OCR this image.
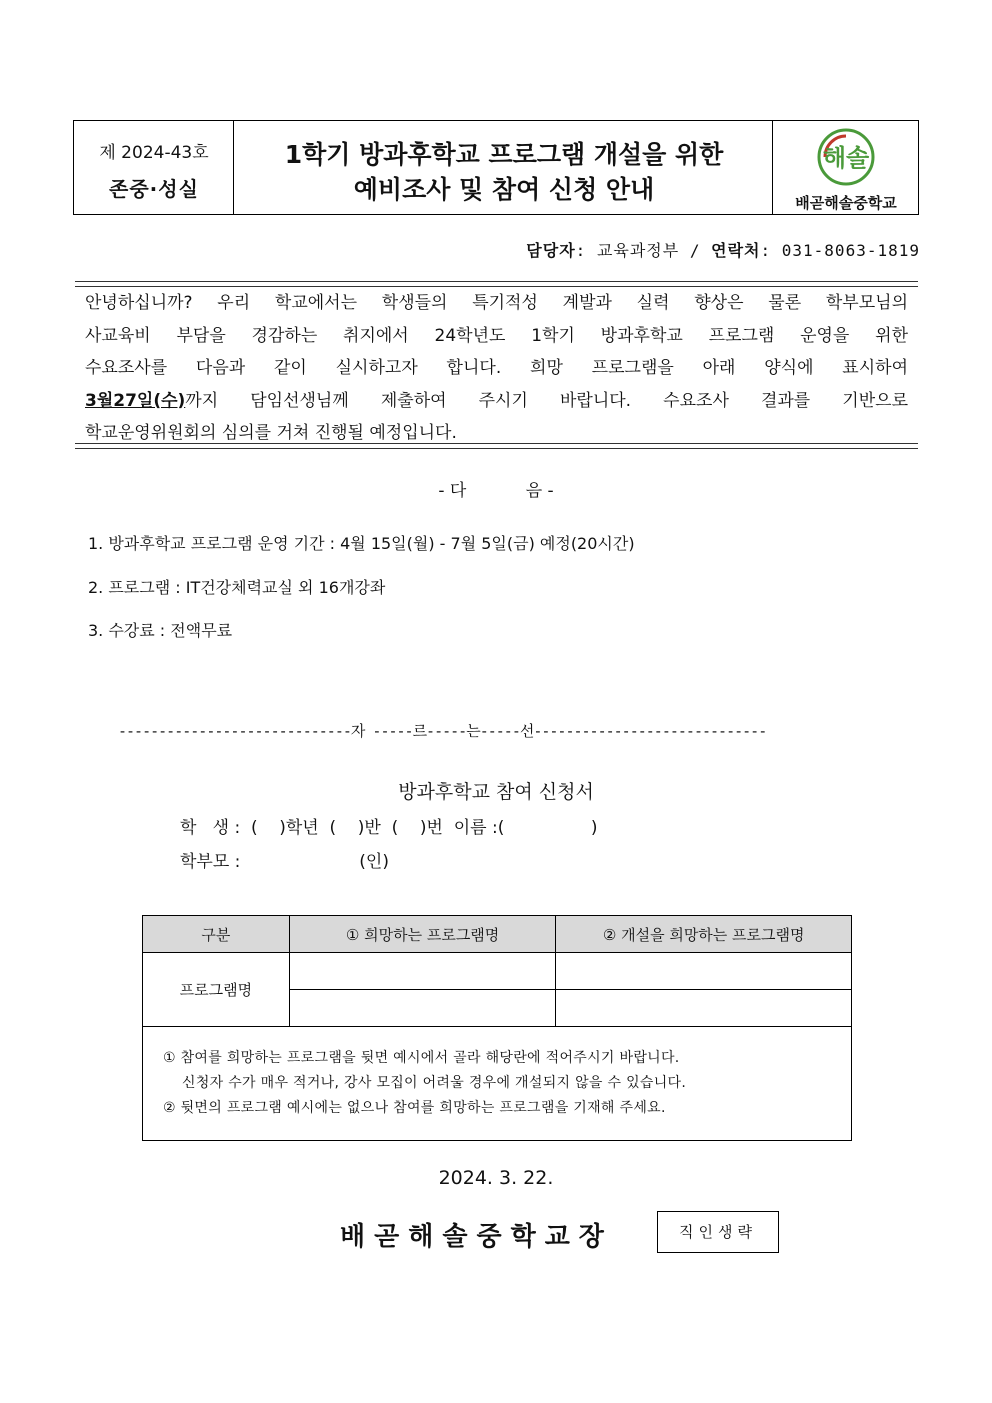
제 2024-43호
존중·성실
1학기 방과후학교 프로그램 개설을 위한
예비조사 및 참여 신청 안내
해솔
배곧해솔중학교
담당자: 교육과정부 / 연락처: 031-8063-1819
안녕하십니까? 우리 학교에서는 학생들의 특기적성 계발과 실력 향상은 물론 학부모님의
사교육비 부담을 경감하는 취지에서 24학년도 1학기 방과후학교 프로그램 운영을 위한
수요조사를 다음과 같이 실시하고자 합니다. 희망 프로그램을 아래 양식에 표시하여
3월27일(수)까지 담임선생님께 제출하여 주시기 바랍니다. 수요조사 결과를 기반으로
학교운영위원회의 심의를 거쳐 진행될 예정입니다.
- 다           음 -
1. 방과후학교 프로그램 운영 기간 : 4월 15일(월) - 7월 5일(금) 예정(20시간)
2. 프로그램 : IT건강체력교실 외 16개강좌
3. 수강료 : 전액무료
-----------------------------자 -----르-----는-----선-----------------------------
방과후학교 참여 신청서
학   생 :  (    )학년  (    )반  (    )번  이름 :(                )
학부모 :                      (인)
구분	① 희망하는 프로그램명	② 개설을 희망하는 프로그램명
프로그램명		

① 참여를 희망하는 프로그램을 뒷면 예시에서 골라 해당란에 적어주시기 바랍니다.
신청자 수가 매우 적거나, 강사 모집이 어려울 경우에 개설되지 않을 수 있습니다.
② 뒷면의 프로그램 예시에는 없으나 참여를 희망하는 프로그램을 기재해 주세요.		
2024. 3. 22.
배곧해솔중학교장	직인생략
